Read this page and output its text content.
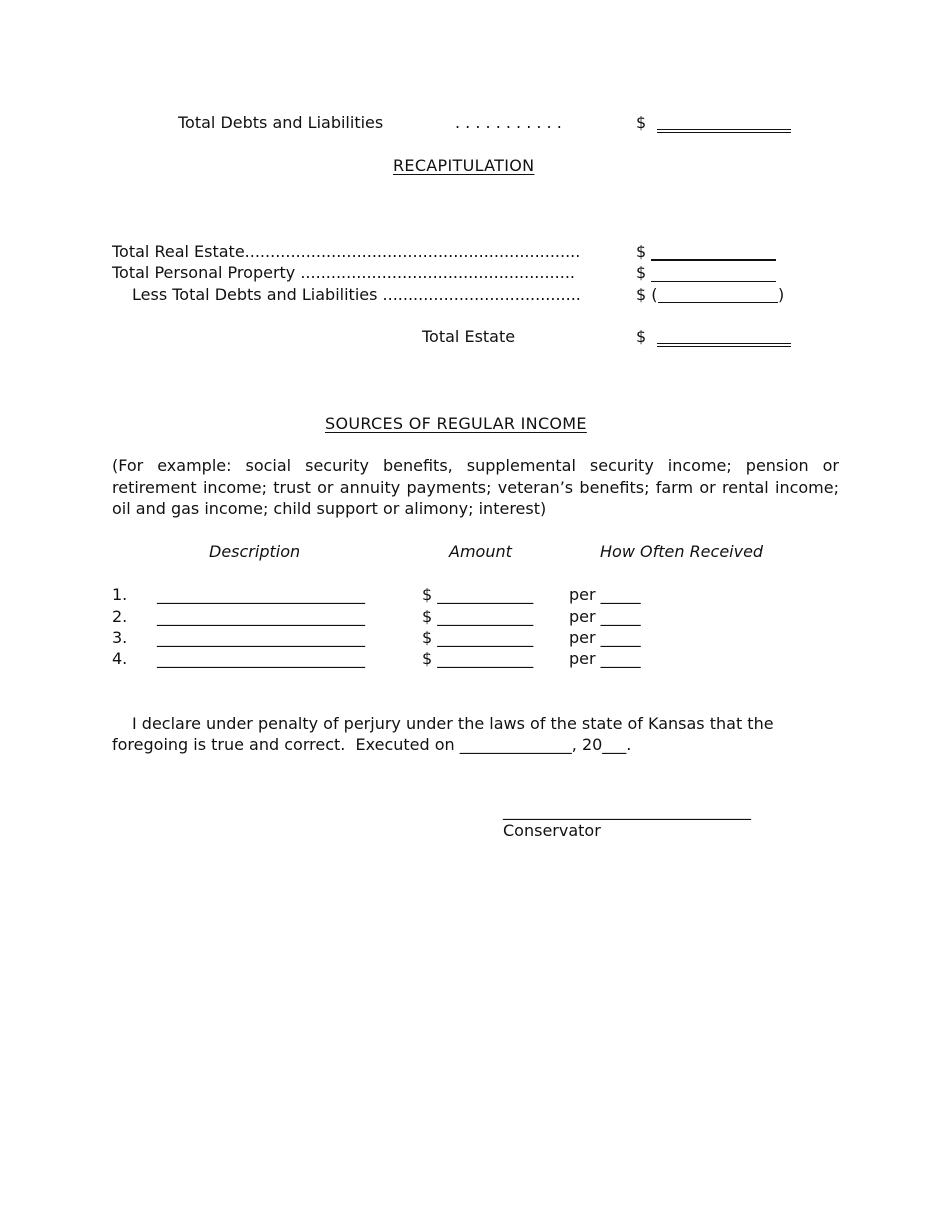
Total Debts and Liabilities	. . . . . . . . . . .	$
RECAPITULATION
Total Real Estate..................................................................	$
Total Personal Property ......................................................	$
Less Total Debts and Liabilities .......................................	$ (	)
Total Estate	$
SOURCES OF REGULAR INCOME
(For example: social security benefits, supplemental security income; pension or retirement income; trust or annuity payments; veteran’s benefits; farm or rental income; oil and gas income; child support or alimony; interest)
Description	Amount	How Often Received
1. __________________________	$ ____________ per _____
2. __________________________	$ ____________ per _____
3. __________________________	$ ____________ per _____
4. __________________________	$ ____________ per _____
I declare under penalty of perjury under the laws of the state of Kansas that the
foregoing is true and correct.  Executed on ______________, 20___.
_______________________________
Conservator
